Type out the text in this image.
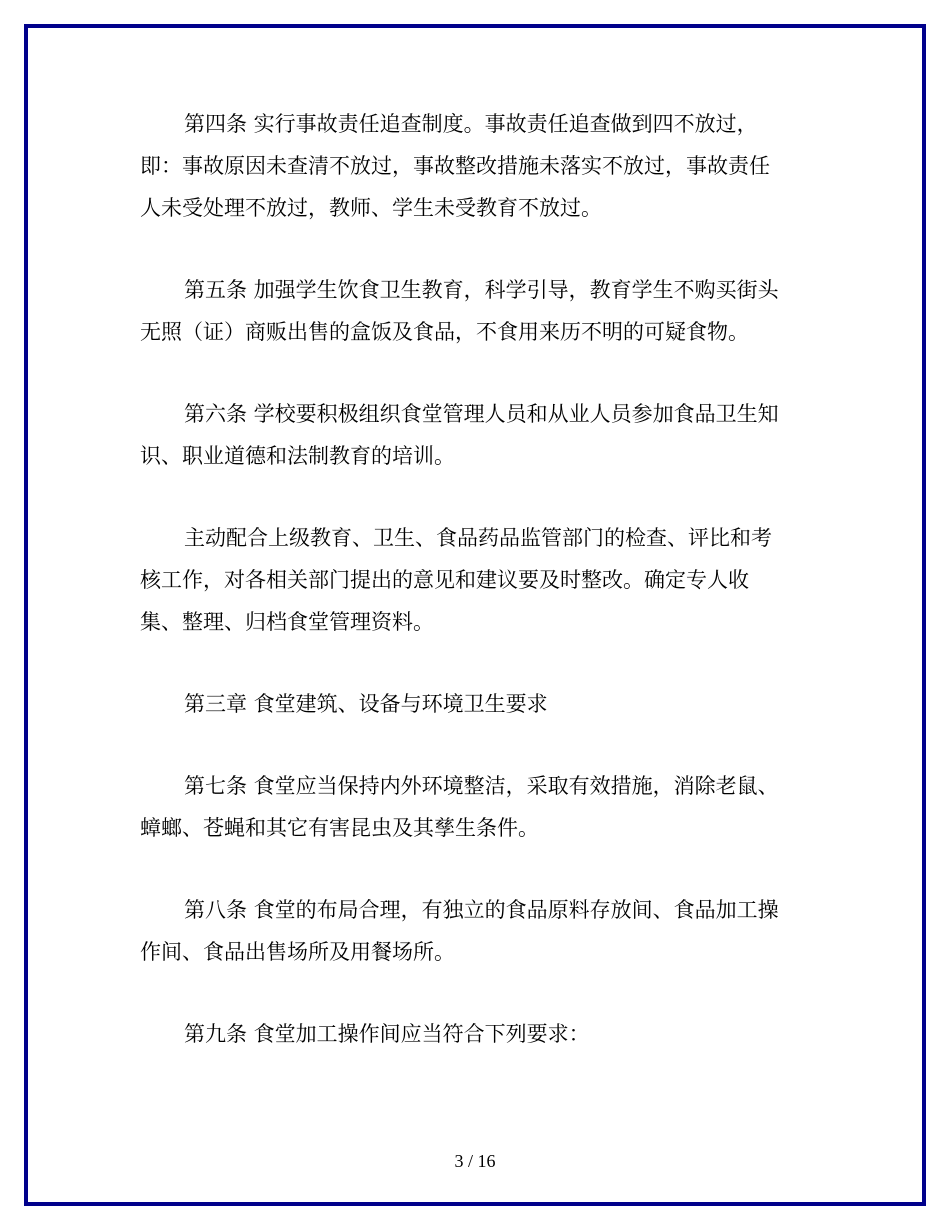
第四条 实行事故责任追查制度。事故责任追查做到四不放过，
即：事故原因未查清不放过，事故整改措施未落实不放过，事故责任
人未受处理不放过，教师、学生未受教育不放过。
第五条 加强学生饮食卫生教育，科学引导，教育学生不购买街头
无照（证）商贩出售的盒饭及食品，不食用来历不明的可疑食物。
第六条 学校要积极组织食堂管理人员和从业人员参加食品卫生知
识、职业道德和法制教育的培训。
主动配合上级教育、卫生、食品药品监管部门的检查、评比和考
核工作，对各相关部门提出的意见和建议要及时整改。确定专人收
集、整理、归档食堂管理资料。
第三章 食堂建筑、设备与环境卫生要求
第七条 食堂应当保持内外环境整洁，采取有效措施，消除老鼠、
蟑螂、苍蝇和其它有害昆虫及其孳生条件。
第八条 食堂的布局合理，有独立的食品原料存放间、食品加工操
作间、食品出售场所及用餐场所。
第九条 食堂加工操作间应当符合下列要求：
3 / 16
